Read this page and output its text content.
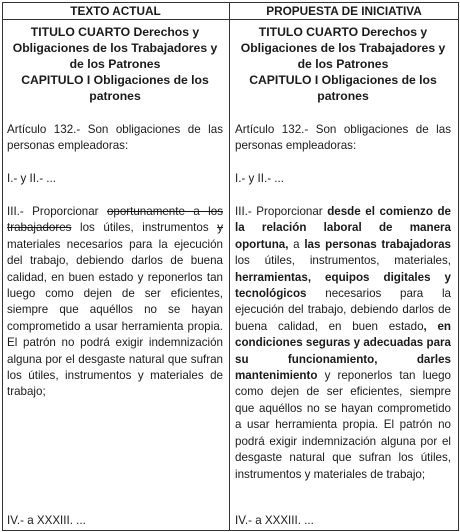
TEXTO ACTUAL	PROPUESTA DE INICIATIVA
TITULO CUARTO Derechos y
Obligaciones de los Trabajadores y
de los Patrones
CAPITULO I Obligaciones de los
patrones

Artículo 132.- Son obligaciones de las personas empleadoras:

I.- y II.- ...

III.- Proporcionar oportunamente a los trabajadores los útiles, instrumentos y materiales necesarios para la ejecución del trabajo, debiendo darlos de buena calidad, en buen estado y reponerlos tan luego como dejen de ser eficientes, siempre que aquéllos no se hayan comprometido a usar herramienta propia. El patrón no podrá exigir indemnización alguna por el desgaste natural que sufran los útiles, instrumentos y materiales de trabajo;

IV.- a XXXIII. ...

TITULO CUARTO Derechos y
Obligaciones de los Trabajadores y
de los Patrones
CAPITULO I Obligaciones de los
patrones

Artículo 132.- Son obligaciones de las personas empleadoras:

I.- y II.- ...

III.- Proporcionar desde el comienzo de la relación laboral de manera oportuna, a las personas trabajadoras los útiles, instrumentos, materiales, herramientas, equipos digitales y tecnológicos necesarios para la ejecución del trabajo, debiendo darlos de buena calidad, en buen estado, en condiciones seguras y adecuadas para su funcionamiento, darles mantenimiento y reponerlos tan luego como dejen de ser eficientes, siempre que aquéllos no se hayan comprometido a usar herramienta propia. El patrón no podrá exigir indemnización alguna por el desgaste natural que sufran los útiles, instrumentos y materiales de trabajo;

IV.- a XXXIII. ...
